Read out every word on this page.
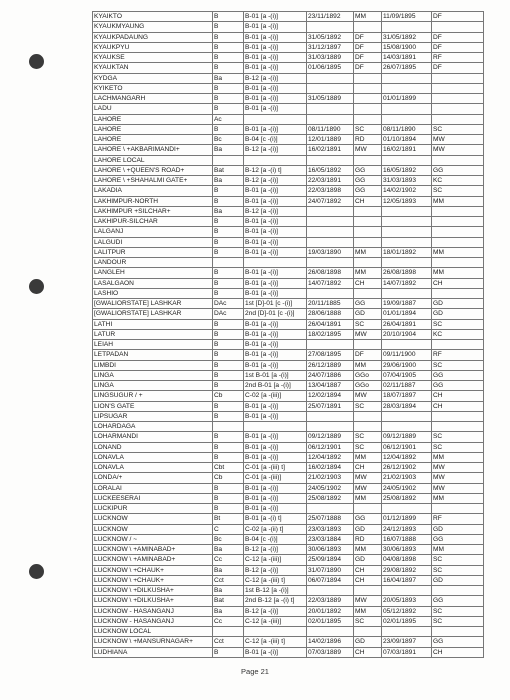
KYAIKTO	B	B-01 [a -(i)]	23/11/1892	MM	11/09/1895	DF
KYAUKMYAUNG	B	B-01 [a -(i)]				
KYAUKPADAUNG	B	B-01 [a -(i)]	31/05/1892	DF	31/05/1892	DF
KYAUKPYU	B	B-01 [a -(i)]	31/12/1897	DF	15/08/1900	DF
KYAUKSE	B	B-01 [a -(i)]	31/03/1889	DF	14/03/1891	RF
KYAUKTAN	B	B-01 [a -(i)]	01/06/1895	DF	26/07/1895	DF
KYDGA	Ba	B-12 [a -(i)]				
KYIKETO	B	B-01 [a -(i)]				
LACHMANGARH	B	B-01 [a -(i)]	31/05/1889		01/01/1899	
LADU	B	B-01 [a -(i)]				
LAHORE	Ac					
LAHORE	B	B-01 [a -(i)]	08/11/1890	SC	08/11/1890	SC
LAHORE	Bc	B-04 [c -(i)]	12/01/1889	RD	01/10/1894	MW
LAHORE \ +AKBARIMANDI+	Ba	B-12 [a -(i)]	16/02/1891	MW	16/02/1891	MW
LAHORE LOCAL						
LAHORE \ +QUEEN'S ROAD+	Bat	B-12 [a -(i) t]	16/05/1892	GG	16/05/1892	GG
LAHORE \ +SHAHALMI GATE+	Ba	B-12 [a -(i)]	22/03/1891	GG	31/03/1893	KC
LAKADIA	B	B-01 [a -(i)]	22/03/1898	GG	14/02/1902	SC
LAKHIMPUR-NORTH	B	B-01 [a -(i)]	24/07/1892	CH	12/05/1893	MM
LAKHIMPUR +SILCHAR+	Ba	B-12 [a -(i)]				
LAKHIPUR-SILCHAR	B	B-01 [a -(i)]				
LALGANJ	B	B-01 [a -(i)]				
LALGUDI	B	B-01 [a -(i)]				
LALITPUR	B	B-01 [a -(i)]	19/03/1890	MM	18/01/1892	MM
LANDOUR						
LANGLEH	B	B-01 [a -(i)]	26/08/1898	MM	26/08/1898	MM
LASALGAON	B	B-01 [a -(i)]	14/07/1892	CH	14/07/1892	CH
LASHIO	B	B-01 [a -(i)]				
[GWALIORSTATE] LASHKAR	DAc	1st [D]-01 [c -(i)]	20/11/1885	GG	19/09/1887	GD
[GWALIORSTATE] LASHKAR	DAc	2nd [D]-01 [c -(i)]	28/06/1888	GD	01/01/1894	GD
LATHI	B	B-01 [a -(i)]	26/04/1891	SC	26/04/1891	SC
LATUR	B	B-01 [a -(i)]	18/02/1895	MW	20/10/1904	KC
LEIAH	B	B-01 [a -(i)]				
LETPADAN	B	B-01 [a -(i)]	27/08/1895	DF	09/11/1900	RF
LIMBDI	B	B-01 [a -(i)]	26/12/1889	MM	29/06/1900	SC
LINGA	B	1st B-01 [a -(i)]	24/07/1886	GGo	07/04/1905	GG
LINGA	B	2nd B-01 [a -(i)]	13/04/1887	GGo	02/11/1887	GG
LINGSUGUR / +	Cb	C-02 [a -(iii)]	12/02/1894	MW	18/07/1897	CH
LION'S GATE	B	B-01 [a -(i)]	25/07/1891	SC	28/03/1894	CH
LIPSUGAR	B	B-01 [a -(i)]				
LOHARDAGA						
LOHARMANDI	B	B-01 [a -(i)]	09/12/1889	SC	09/12/1889	SC
LONAND	B	B-01 [a -(i)]	06/12/1901	SC	06/12/1901	SC
LONAVLA	B	B-01 [a -(i)]	12/04/1892	MM	12/04/1892	MM
LONAVLA	Cbt	C-01 [a -(iii) t]	16/02/1894	CH	26/12/1902	MW
LONDA/+	Cb	C-01 [a -(iii)]	21/02/1903	MW	21/02/1903	MW
LORALAI	B	B-01 [a -(i)]	24/05/1902	MW	24/05/1902	MW
LUCKEESERAI	B	B-01 [a -(i)]	25/08/1892	MM	25/08/1892	MM
LUCKIPUR	B	B-01 [a -(i)]				
LUCKNOW	Bt	B-01 [a -(i) t]	25/07/1888	GG	01/12/1899	RF
LUCKNOW	C	C-02 [a -(ii) t]	23/03/1893	GD	24/12/1893	GD
LUCKNOW / ~	Bc	B-04 [c -(i)]	23/03/1884	RD	16/07/1888	GG
LUCKNOW \ +AMINABAD+	Ba	B-12 [a -(i)]	30/06/1893	MM	30/06/1893	MM
LUCKNOW \ +AMINABAD+	Cc	C-12 [a -(iii)]	25/09/1894	GD	04/08/1898	SC
LUCKNOW \ +CHAUK+	Ba	B-12 [a -(i)]	31/07/1890	CH	29/08/1892	SC
LUCKNOW \ +CHAUK+	Cct	C-12 [a -(iii) t]	06/07/1894	CH	16/04/1897	GD
LUCKNOW \ +DILKUSHA+	Ba	1st B-12 [a -(i)]				
LUCKNOW \ +DILKUSHA+	Bat	2nd B-12 [a -(i) t]	22/03/1889	MW	20/05/1893	GG
LUCKNOW - HASANGANJ	Ba	B-12 [a -(i)]	20/01/1892	MM	05/12/1892	SC
LUCKNOW - HASANGANJ	Cc	C-12 [a -(iii)]	02/01/1895	SC	02/01/1895	SC
LUCKNOW LOCAL						
LUCKNOW \ +MANSURNAGAR+	Cct	C-12 [a -(iii) t]	14/02/1896	GD	23/09/1897	GG
LUDHIANA	B	B-01 [a -(i)]	07/03/1889	CH	07/03/1891	CH
Page 21
